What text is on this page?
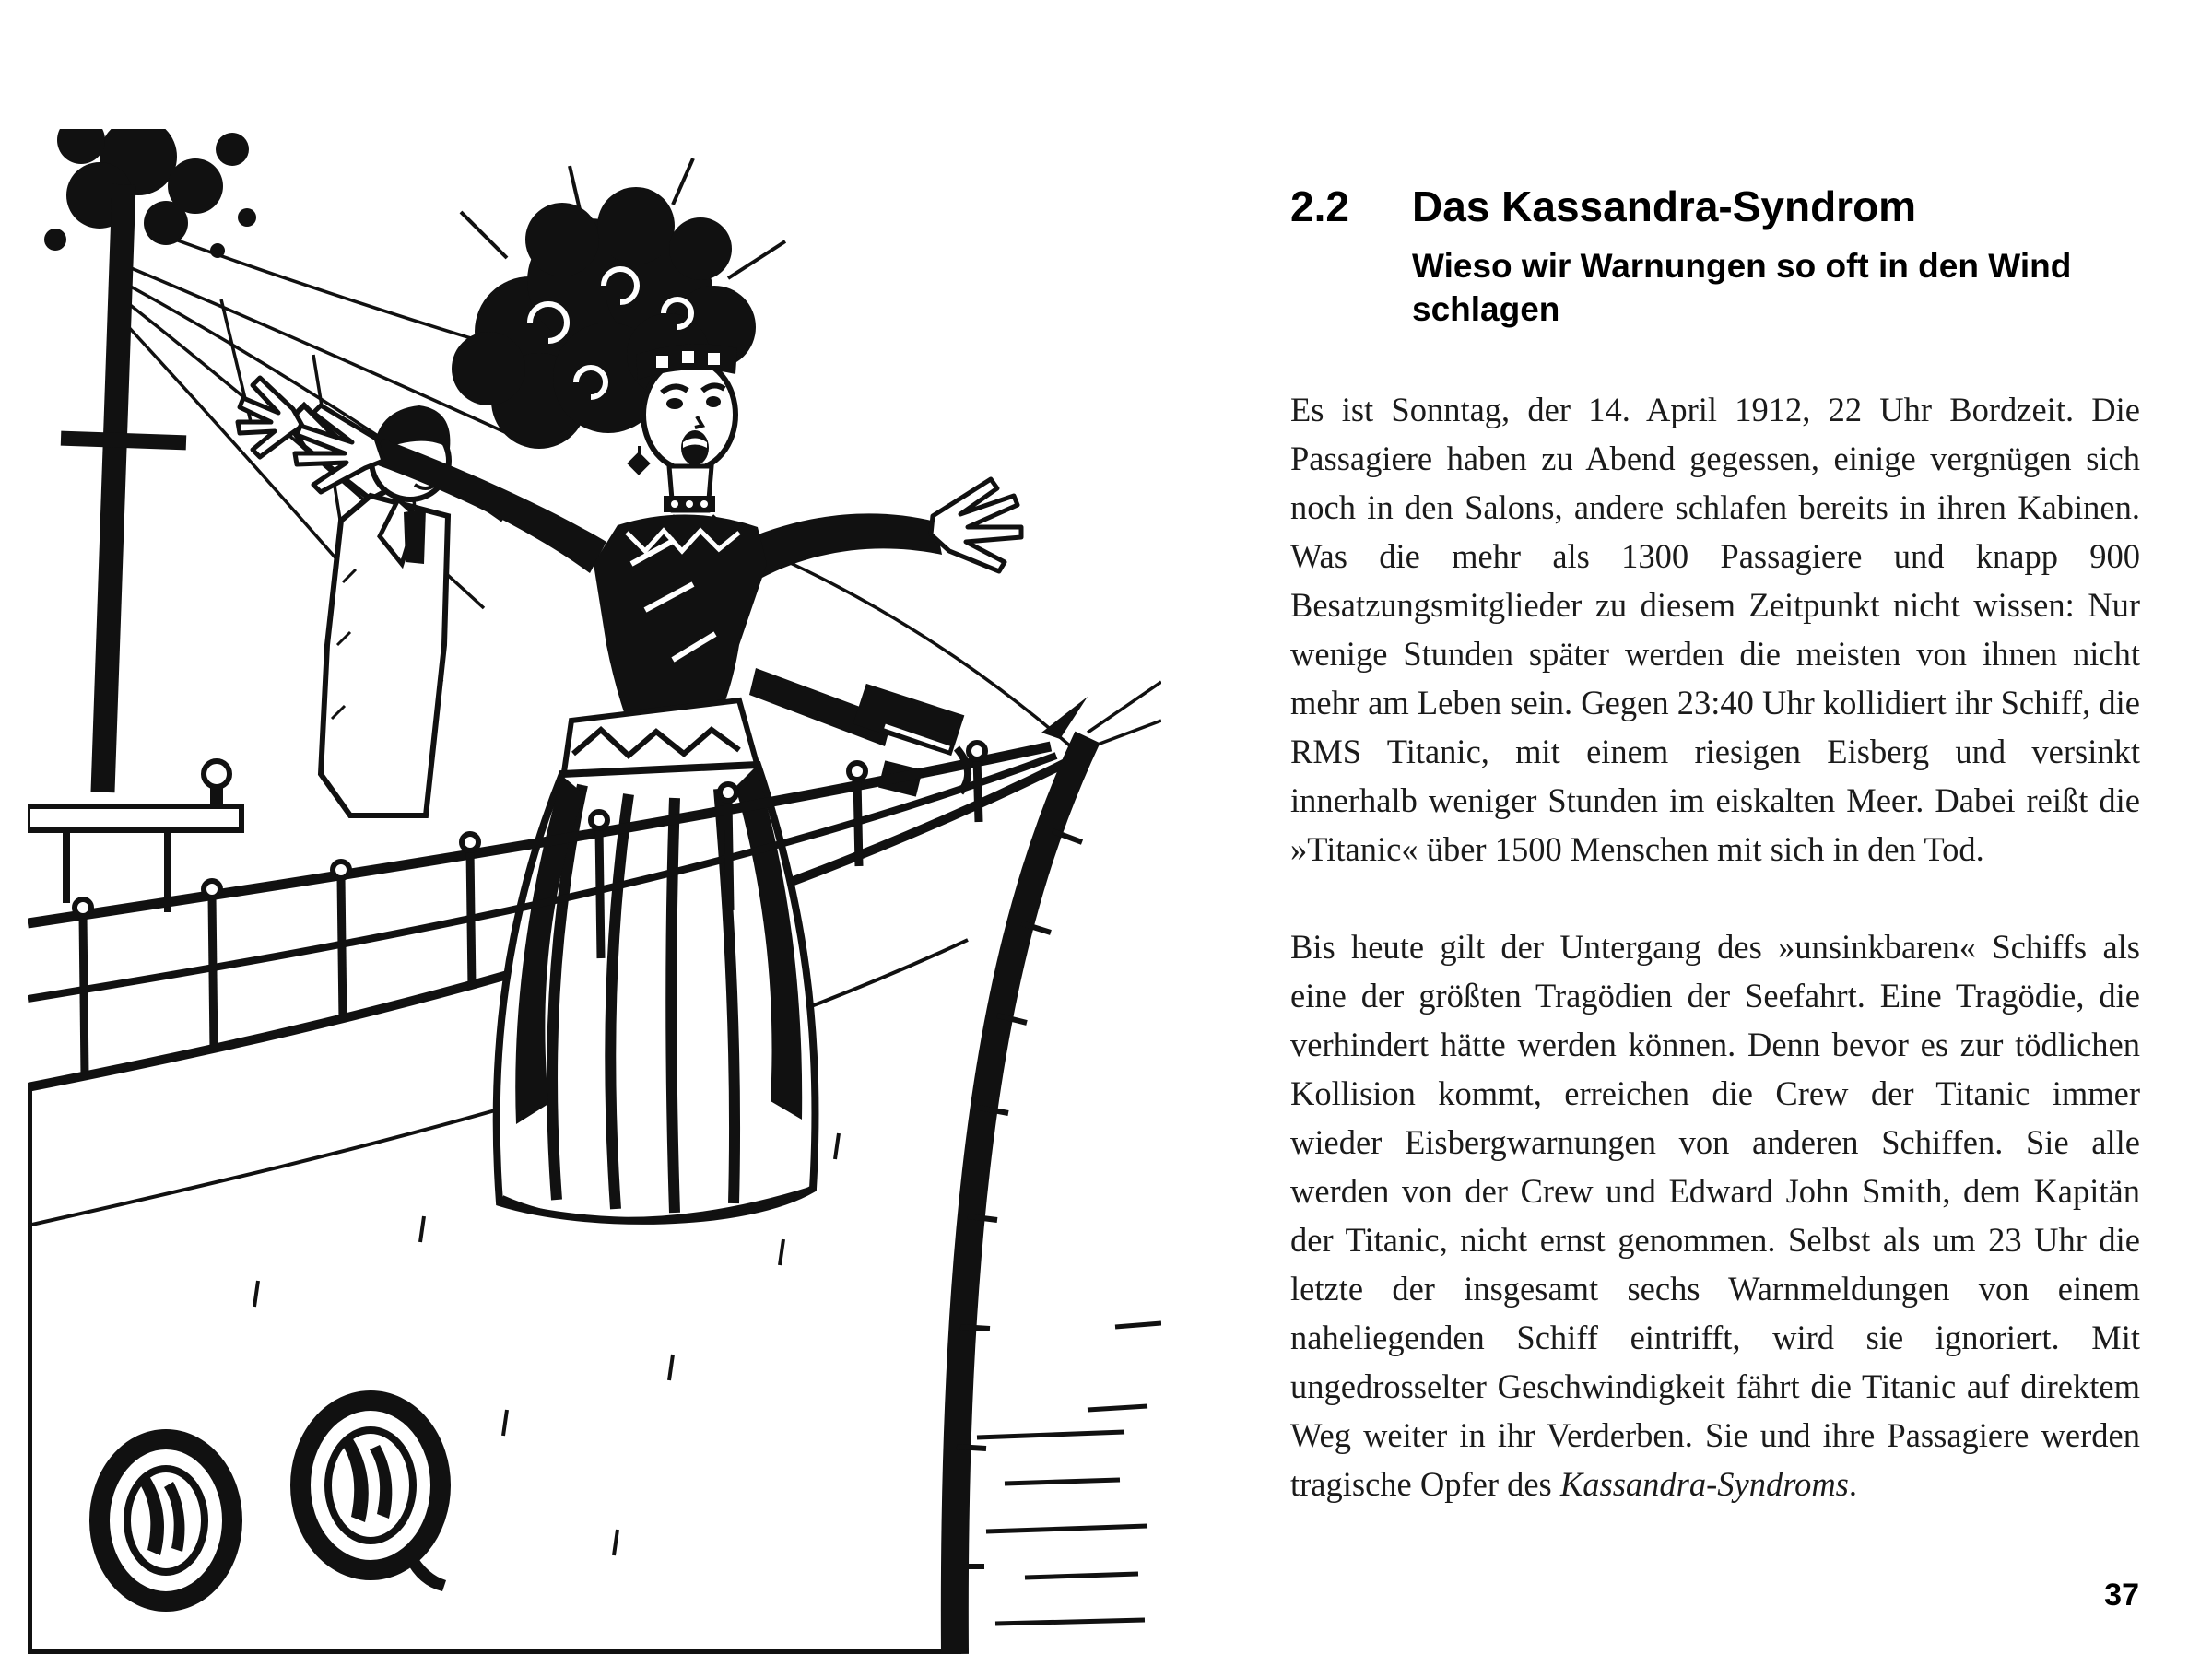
2.2	Das Kassandra-Syndrom
Wieso wir Warnungen so oft in den Wind schlagen

Es ist Sonntag, der 14. April 1912, 22 Uhr Bordzeit. Die Passagiere haben zu Abend gegessen, einige vergnügen sich noch in den Salons, andere schlafen bereits in ihren Kabinen. Was die mehr als 1300 Passagiere und knapp 900 Besatzungsmitglieder zu diesem Zeitpunkt nicht wissen: Nur wenige Stunden später werden die meisten von ihnen nicht mehr am Leben sein. Gegen 23:40 Uhr kollidiert ihr Schiff, die RMS Titanic, mit einem riesigen Eisberg und versinkt innerhalb weniger Stunden im eiskalten Meer. Dabei reißt die »Titanic« über 1500 Menschen mit sich in den Tod.

Bis heute gilt der Untergang des »unsinkbaren« Schiffs als eine der größten Tragödien der Seefahrt. Eine Tragödie, die verhindert hätte werden können. Denn bevor es zur tödlichen Kollision kommt, erreichen die Crew der Titanic immer wieder Eisbergwarnungen von anderen Schiffen. Sie alle werden von der Crew und Edward John Smith, dem Kapitän der Titanic, nicht ernst genommen. Selbst als um 23 Uhr die letzte der insgesamt sechs Warnmeldungen von einem naheliegenden Schiff eintrifft, wird sie ignoriert. Mit ungedrosselter Geschwindigkeit fährt die Titanic auf direktem Weg weiter in ihr Verderben. Sie und ihre Passagiere werden tragische Opfer des Kassandra-Syndroms.

37
